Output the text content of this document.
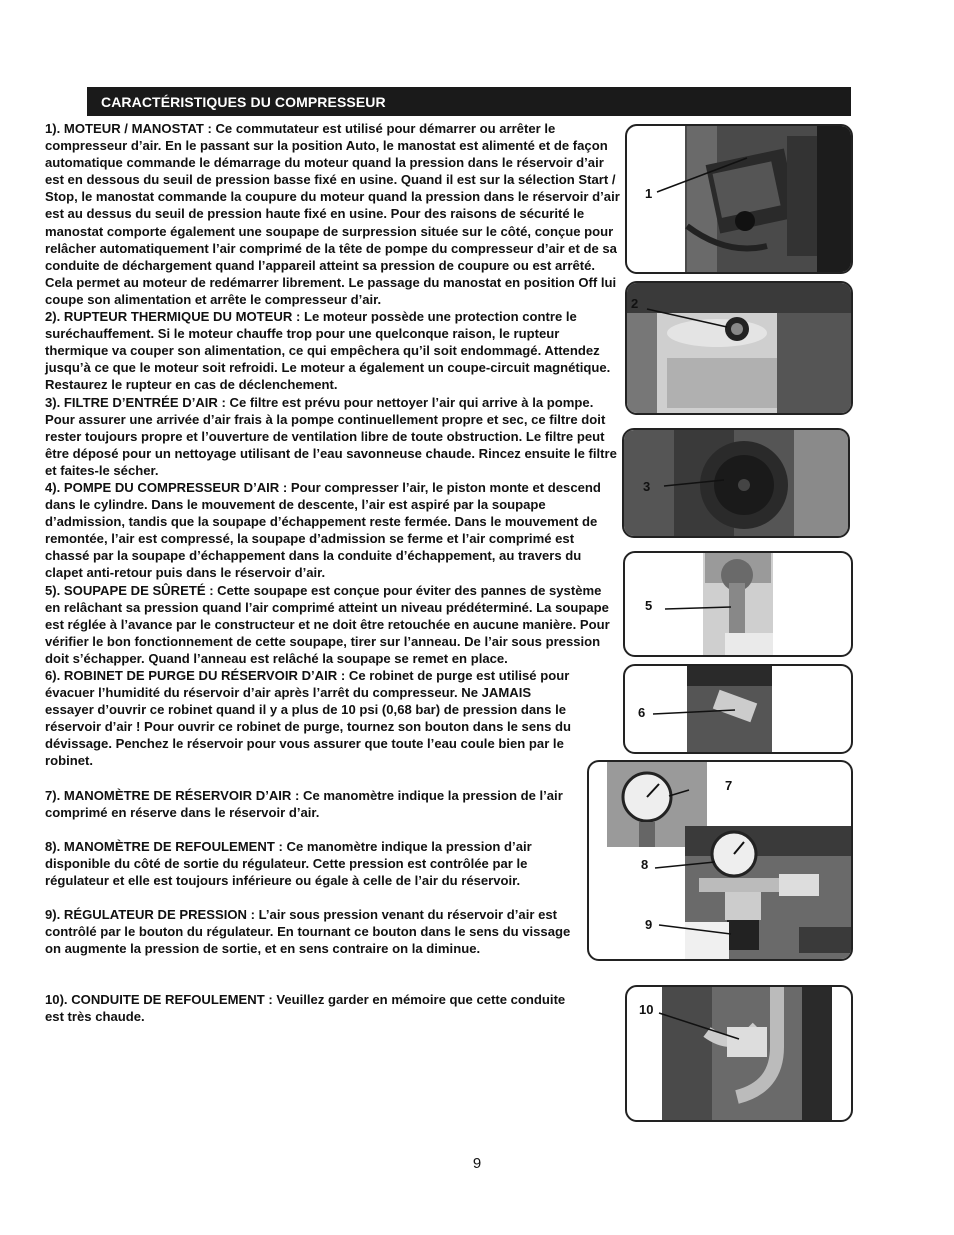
CARACTÉRISTIQUES DU COMPRESSEUR

1). MOTEUR / MANOSTAT : Ce commutateur est utilisé pour démarrer ou arrêter le compresseur d’air. En le passant sur la position Auto, le manostat est alimenté et de façon automatique commande le démarrage du moteur quand la pression dans le réservoir d’air est en dessous du seuil de pression basse fixé en usine. Quand il est sur la sélection Start / Stop, le manostat commande la coupure du moteur quand la pression dans le réservoir d’air est au dessus du seuil de pression haute fixé en usine. Pour des raisons de sécurité le manostat comporte également une soupape de surpression située sur le côté, conçue pour relâcher automatiquement l’air comprimé de la tête de pompe du compresseur d’air et de sa conduite de déchargement quand l’appareil atteint sa pression de coupure ou est arrêté. Cela permet au moteur de redémarrer librement. Le passage du manostat en position Off lui coupe son alimentation et arrête le compresseur d’air.

2). RUPTEUR THERMIQUE DU MOTEUR : Le moteur possède une protection contre le suréchauffement. Si le moteur chauffe trop pour une quelconque raison, le rupteur thermique va couper son alimentation, ce qui empêchera qu’il soit endommagé. Attendez jusqu’à ce que le moteur soit refroidi. Le moteur a également un coupe-circuit magnétique. Restaurez le rupteur en cas de déclenchement.

3). FILTRE D’ENTRÉE D’AIR : Ce filtre est prévu pour nettoyer l’air qui arrive à la pompe. Pour assurer une arrivée d’air frais à la pompe continuellement propre et sec, ce filtre doit rester toujours propre et l’ouverture de ventilation libre de toute obstruction. Le filtre peut être déposé pour un nettoyage utilisant de l’eau savonneuse chaude. Rincez ensuite le filtre et faites-le sécher.

4). POMPE DU COMPRESSEUR D’AIR : Pour compresser l’air, le piston monte et descend dans le cylindre. Dans le mouvement de descente, l’air est aspiré par la soupape d’admission, tandis que la soupape d’échappement reste fermée. Dans le mouvement de remontée, l’air est compressé, la soupape d’admission se ferme et l’air comprimé est chassé par la soupape d’échappement dans la conduite d’échappement, au travers du clapet anti-retour puis dans le réservoir d’air.

5). SOUPAPE DE SÛRETÉ : Cette soupape est conçue pour éviter des pannes de système en relâchant sa pression quand l’air comprimé atteint un niveau prédéterminé. La soupape est réglée à l’avance par le constructeur et ne doit être retouchée en aucune manière. Pour vérifier le bon fonctionnement de cette soupape, tirer sur l’anneau. De l’air sous pression doit s’échapper. Quand l’anneau est relâché la soupape se remet en place.

6). ROBINET DE PURGE DU RÉSERVOIR D’AIR : Ce robinet de purge est utilisé pour évacuer l’humidité du réservoir d’air après l’arrêt du compresseur. Ne JAMAIS essayer d’ouvrir ce robinet quand il y a plus de 10 psi (0,68 bar) de pression dans le réservoir d’air ! Pour ouvrir ce robinet de purge, tournez son bouton dans le sens du dévissage. Penchez le réservoir pour vous assurer que toute l’eau coule bien par le robinet.

7). MANOMÈTRE DE RÉSERVOIR D’AIR : Ce manomètre indique la pression de l’air comprimé en réserve dans le réservoir d’air.

8). MANOMÈTRE DE REFOULEMENT : Ce manomètre indique la pression d’air disponible du côté de sortie du régulateur. Cette pression est contrôlée par le régulateur et elle est toujours inférieure ou égale à celle de l’air du réservoir.

9). RÉGULATEUR DE PRESSION : L’air sous pression venant du réservoir d’air est contrôlé par le bouton du régulateur. En tournant ce bouton dans le sens du vissage on augmente la pression de sortie, et en sens contraire on la diminue.

10). CONDUITE DE REFOULEMENT : Veuillez garder en mémoire que cette conduite est très chaude.

1
2
3
5
6
7
8
9
10
9
